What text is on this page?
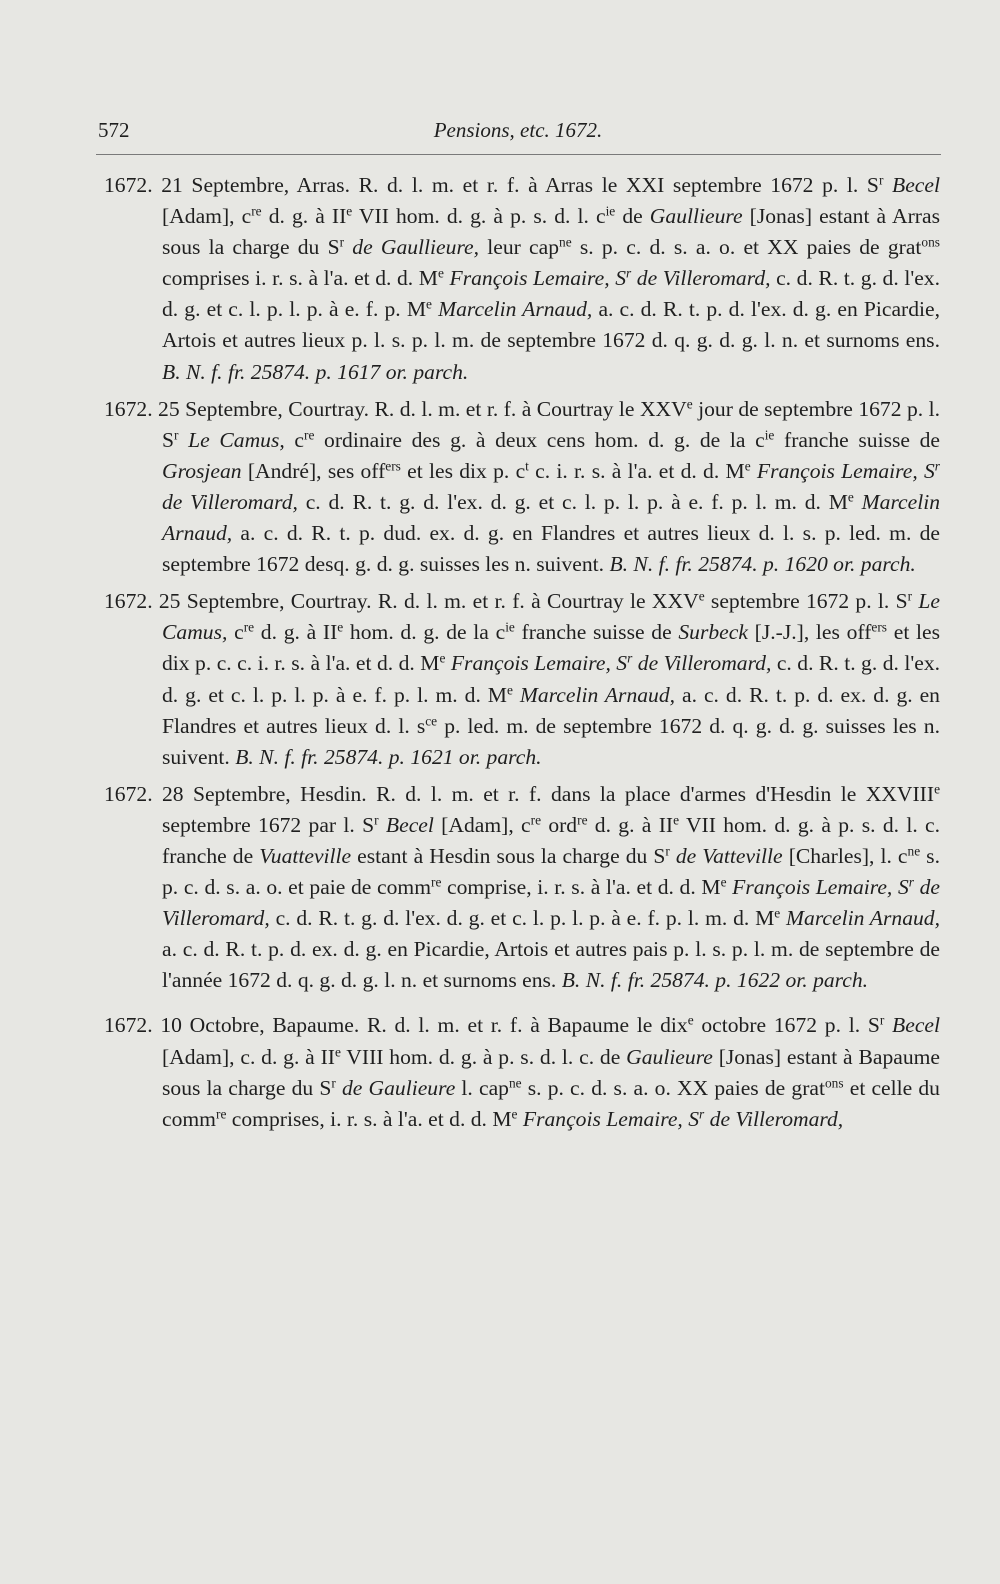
572	Pensions, etc. 1672.

1672. 21 Septembre, Arras. R. d. l. m. et r. f. à Arras le XXI septembre 1672 p. l. $S^r$ Becel [Adam], $c^{re}$ d. g. à IIe VII hom. d. g. à p. s. d. l. $c^{ie}$ de Gaullieure [Jonas] estant à Arras sous la charge du $S^r$ de Gaullieure, leur cap$^{ne}$ s. p. c. d. s. a. o. et XX paies de grat$^{ons}$ comprises i. r. s. à l'a. et d. d. Me François Lemaire, $S^r$ de Villeromard, c. d. R. t. g. d. l'ex. d. g. et c. l. p. l. p. à e. f. p. Me Marcelin Arnaud, a. c. d. R. t. p. d. l'ex. d. g. en Picardie, Artois et autres lieux p. l. s. p. l. m. de septembre 1672 d. q. g. d. g. l. n. et surnoms ens. B. N. f. fr. 25874. p. 1617 or. parch.

1672. 25 Septembre, Courtray. R. d. l. m. et r. f. à Courtray le XXVe jour de septembre 1672 p. l. $S^r$ Le Camus, $c^{re}$ ordinaire des g. à deux cens hom. d. g. de la $c^{ie}$ franche suisse de Grosjean [André], ses off$^{ers}$ et les dix p. $c^t$ c. i. r. s. à l'a. et d. d. Me François Lemaire, $S^r$ de Villeromard, c. d. R. t. g. d. l'ex. d. g. et c. l. p. l. p. à e. f. p. l. m. d. Me Marcelin Arnaud, a. c. d. R. t. p. dud. ex. d. g. en Flandres et autres lieux d. l. s. p. led. m. de septembre 1672 desq. g. d. g. suisses les n. suivent. B. N. f. fr. 25874. p. 1620 or. parch.

1672. 25 Septembre, Courtray. R. d. l. m. et r. f. à Courtray le XXVe septembre 1672 p. l. $S^r$ Le Camus, $c^{re}$ d. g. à IIe hom. d. g. de la $c^{ie}$ franche suisse de Surbeck [J.-J.], les off$^{ers}$ et les dix p. c. c. i. r. s. à l'a. et d. d. Me François Lemaire, $S^r$ de Villeromard, c. d. R. t. g. d. l'ex. d. g. et c. l. p. l. p. à e. f. p. l. m. d. Me Marcelin Arnaud, a. c. d. R. t. p. d. ex. d. g. en Flandres et autres lieux d. l. $s^{ce}$ p. led. m. de septembre 1672 d. q. g. d. g. suisses les n. suivent. B. N. f. fr. 25874. p. 1621 or. parch.

1672. 28 Septembre, Hesdin. R. d. l. m. et r. f. dans la place d'armes d'Hesdin le XXVIIIe septembre 1672 par l. $S^r$ Becel [Adam], $c^{re}$ ord$^{re}$ d. g. à IIe VII hom. d. g. à p. s. d. l. c. franche de Vuatteville estant à Hesdin sous la charge du $S^r$ de Vatteville [Charles], l. $c^{ne}$ s. p. c. d. s. a. o. et paie de comm$^{re}$ comprise, i. r. s. à l'a. et d. d. Me François Lemaire, $S^r$ de Villeromard, c. d. R. t. g. d. l'ex. d. g. et c. l. p. l. p. à e. f. p. l. m. d. Me Marcelin Arnaud, a. c. d. R. t. p. d. ex. d. g. en Picardie, Artois et autres pais p. l. s. p. l. m. de septembre de l'année 1672 d. q. g. d. g. l. n. et surnoms ens. B. N. f. fr. 25874. p. 1622 or. parch.

1672. 10 Octobre, Bapaume. R. d. l. m. et r. f. à Bapaume le dix$^e$ octobre 1672 p. l. $S^r$ Becel [Adam], c. d. g. à IIe VIII hom. d. g. à p. s. d. l. c. de Gaulieure [Jonas] estant à Bapaume sous la charge du $S^r$ de Gaulieure l. cap$^{ne}$ s. p. c. d. s. a. o. XX paies de grat$^{ons}$ et celle du comm$^{re}$ comprises, i. r. s. à l'a. et d. d. Me François Lemaire, $S^r$ de Villeromard,
